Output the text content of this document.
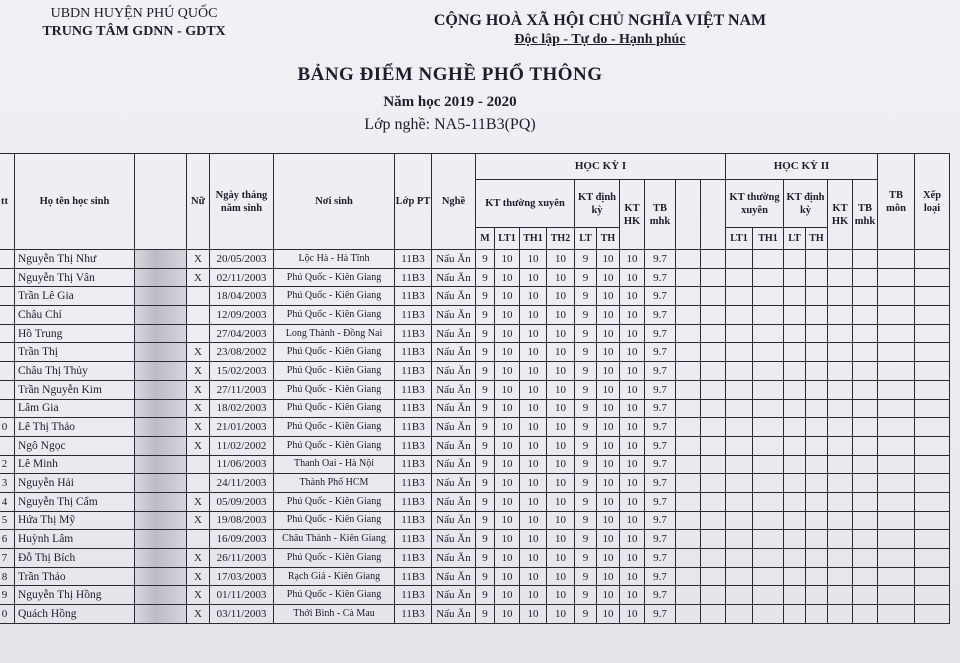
UBDN HUYỆN PHÚ QUỐC
TRUNG TÂM GDNN - GDTX
CỘNG HOÀ XÃ HỘI CHỦ NGHĨA VIỆT NAM
Độc lập - Tự do - Hạnh phúc
BẢNG ĐIỂM NGHỀ PHỔ THÔNG
Năm học 2019 - 2020
Lớp nghề: NA5-11B3(PQ)
tt	Họ tên học sinh		Nữ	Ngày tháng năm sinh	Nơi sinh	Lớp PT	Nghề	HỌC KỲ I										HỌC KỲ II						TB môn	Xếp loại
								KT thường xuyên				KT định kỳ		KT HK	TB mhk			KT thường xuyên		KT định kỳ		KT HK	TB mhk		
								M	LT1	TH1	TH2	LT	TH					LT1	TH1	LT	TH				
	Nguyễn Thị Như		X	20/05/2003	Lộc Hà - Hà Tĩnh	11B3	Nấu Ăn	9	10	10	10	9	10	10	9.7										
	Nguyễn Thị Vân		X	02/11/2003	Phú Quốc - Kiên Giang	11B3	Nấu Ăn	9	10	10	10	9	10	10	9.7										
	Trần Lê Gia			18/04/2003	Phú Quốc - Kiên Giang	11B3	Nấu Ăn	9	10	10	10	9	10	10	9.7										
	Châu Chí			12/09/2003	Phú Quốc - Kiên Giang	11B3	Nấu Ăn	9	10	10	10	9	10	10	9.7										
	Hồ Trung			27/04/2003	Long Thành - Đồng Nai	11B3	Nấu Ăn	9	10	10	10	9	10	10	9.7										
	Trần Thị		X	23/08/2002	Phú Quốc - Kiên Giang	11B3	Nấu Ăn	9	10	10	10	9	10	10	9.7										
	Châu Thị Thủy		X	15/02/2003	Phú Quốc - Kiên Giang	11B3	Nấu Ăn	9	10	10	10	9	10	10	9.7										
	Trần Nguyễn Kim		X	27/11/2003	Phú Quốc - Kiên Giang	11B3	Nấu Ăn	9	10	10	10	9	10	10	9.7										
	Lâm Gia		X	18/02/2003	Phú Quốc - Kiên Giang	11B3	Nấu Ăn	9	10	10	10	9	10	10	9.7										
0	Lê Thị Thảo		X	21/01/2003	Phú Quốc - Kiên Giang	11B3	Nấu Ăn	9	10	10	10	9	10	10	9.7										
	Ngô Ngọc		X	11/02/2002	Phú Quốc - Kiên Giang	11B3	Nấu Ăn	9	10	10	10	9	10	10	9.7										
2	Lê Minh			11/06/2003	Thanh Oai - Hà Nội	11B3	Nấu Ăn	9	10	10	10	9	10	10	9.7										
3	Nguyễn Hải			24/11/2003	Thành Phố HCM	11B3	Nấu Ăn	9	10	10	10	9	10	10	9.7										
4	Nguyễn Thị Cẩm		X	05/09/2003	Phú Quốc - Kiên Giang	11B3	Nấu Ăn	9	10	10	10	9	10	10	9.7										
5	Hứa Thị Mỹ		X	19/08/2003	Phú Quốc - Kiên Giang	11B3	Nấu Ăn	9	10	10	10	9	10	10	9.7										
6	Huỳnh Lâm			16/09/2003	Châu Thành - Kiên Giang	11B3	Nấu Ăn	9	10	10	10	9	10	10	9.7										
7	Đỗ Thị Bích		X	26/11/2003	Phú Quốc - Kiên Giang	11B3	Nấu Ăn	9	10	10	10	9	10	10	9.7										
8	Trần Thảo		X	17/03/2003	Rạch Giá - Kiên Giang	11B3	Nấu Ăn	9	10	10	10	9	10	10	9.7										
9	Nguyễn Thị Hồng		X	01/11/2003	Phú Quốc - Kiên Giang	11B3	Nấu Ăn	9	10	10	10	9	10	10	9.7										
0	Quách Hồng		X	03/11/2003	Thới Bình - Cà Mau	11B3	Nấu Ăn	9	10	10	10	9	10	10	9.7										
